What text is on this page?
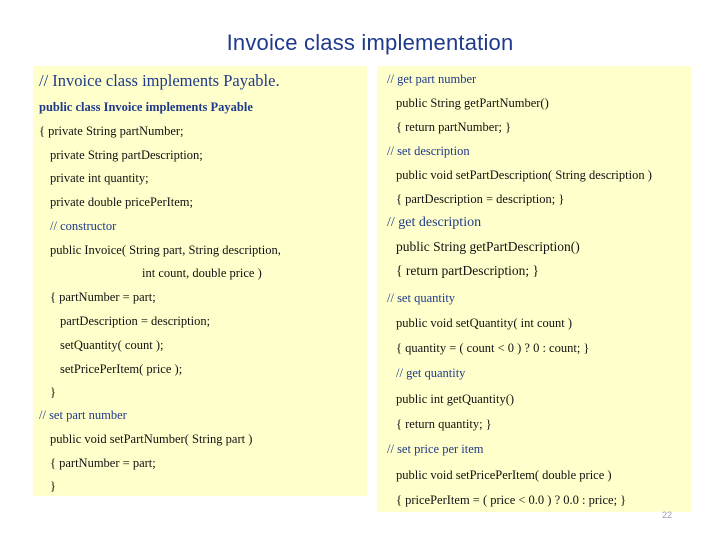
Invoice class implementation
// Invoice class implements Payable.
public class Invoice implements Payable
{ private String partNumber;
private String partDescription;
private int quantity;
private double pricePerItem;
// constructor
public Invoice( String part, String description,
int count, double price )
{ partNumber = part;
partDescription = description;
setQuantity( count );
setPricePerItem( price );
}
// set part number
public void setPartNumber( String part )
{ partNumber = part;
}
// get part number
public String getPartNumber()
{ return partNumber; }
// set description
public void setPartDescription( String description )
{ partDescription = description; }
// get description
public String getPartDescription()
{ return partDescription; }
// set quantity
public void setQuantity( int count )
{ quantity = ( count < 0 ) ? 0 : count; }
// get quantity
public int getQuantity()
{ return quantity; }
// set price per item
public void setPricePerItem( double price )
{ pricePerItem = ( price < 0.0 ) ? 0.0 : price; }
22
